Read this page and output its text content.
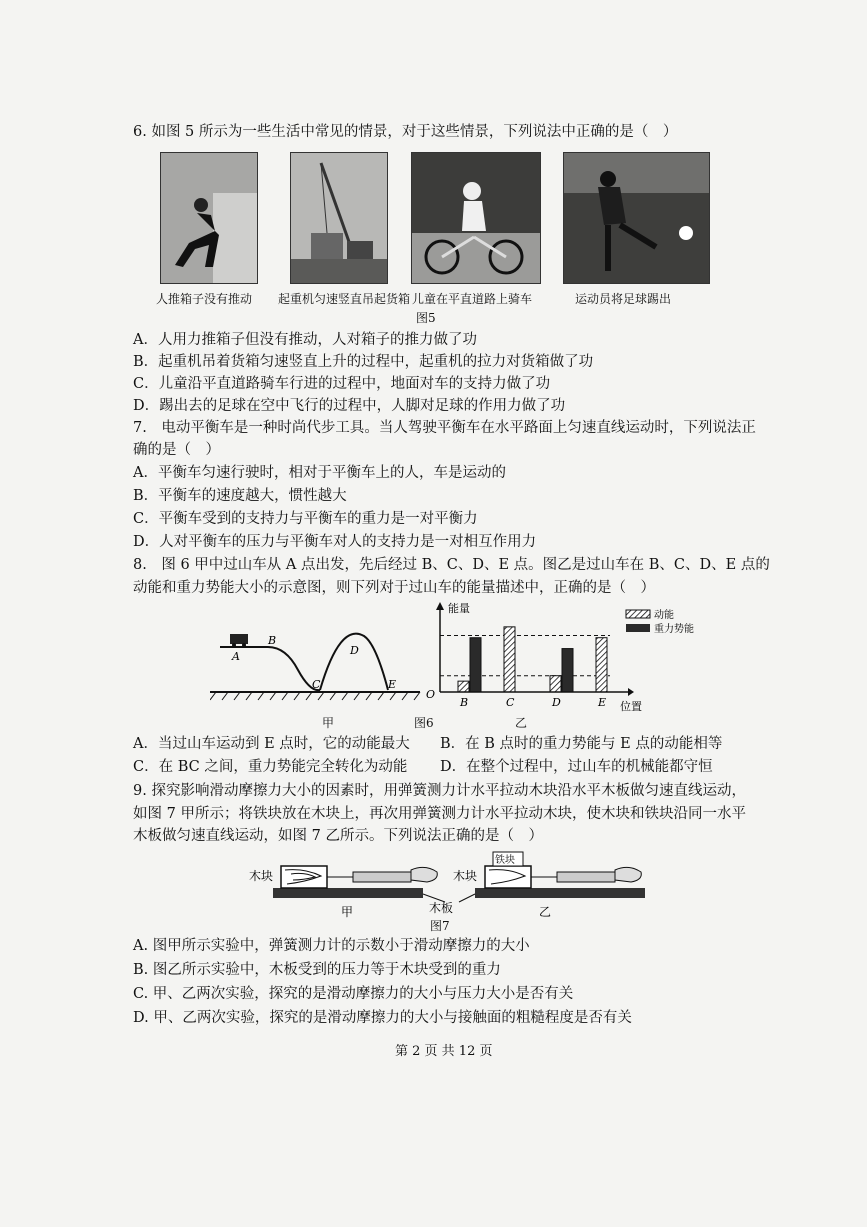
6. 如图 5 所示为一些生活中常见的情景，对于这些情景，下列说法中正确的是（　）
人推箱子没有推动 起重机匀速竖直吊起货箱 儿童在平直道路上骑车	运动员将足球踢出
图5
A．人用力推箱子但没有推动，人对箱子的推力做了功
B．起重机吊着货箱匀速竖直上升的过程中，起重机的拉力对货箱做了功
C．儿童沿平直道路骑车行进的过程中，地面对车的支持力做了功
D．踢出去的足球在空中飞行的过程中，人脚对足球的作用力做了功
7.　电动平衡车是一种时尚代步工具。当人驾驶平衡车在水平路面上匀速直线运动时，下列说法正
确的是（　）
A．平衡车匀速行驶时，相对于平衡车上的人，车是运动的
B．平衡车的速度越大，惯性越大
C．平衡车受到的支持力与平衡车的重力是一对平衡力
D．人对平衡车的压力与平衡车对人的支持力是一对相互作用力
8.　图 6 甲中过山车从 A 点出发，先后经过 B、C、D、E 点。图乙是过山车在 B、C、D、E 点的
动能和重力势能大小的示意图，则下列对于过山车的能量描述中，正确的是（　）
A
B
C
D
E
甲	图6	乙
O
能量
位置
B	C	D	E
动能
重力势能
A．当过山车运动到 E 点时，它的动能最大 B．在 B 点时的重力势能与 E 点的动能相等
C．在 BC 之间，重力势能完全转化为动能 D．在整个过程中，过山车的机械能都守恒
9. 探究影响滑动摩擦力大小的因素时，用弹簧测力计水平拉动木块沿水平木板做匀速直线运动，
如图 7 甲所示；将铁块放在木块上，再次用弹簧测力计水平拉动木块，使木块和铁块沿同一水平
木板做匀速直线运动，如图 7 乙所示。下列说法正确的是（　）
木块
甲
铁块
木块
乙
木板
图7
A. 图甲所示实验中，弹簧测力计的示数小于滑动摩擦力的大小
B. 图乙所示实验中，木板受到的压力等于木块受到的重力
C. 甲、乙两次实验，探究的是滑动摩擦力的大小与压力大小是否有关
D. 甲、乙两次实验，探究的是滑动摩擦力的大小与接触面的粗糙程度是否有关
第 2 页 共 12 页
